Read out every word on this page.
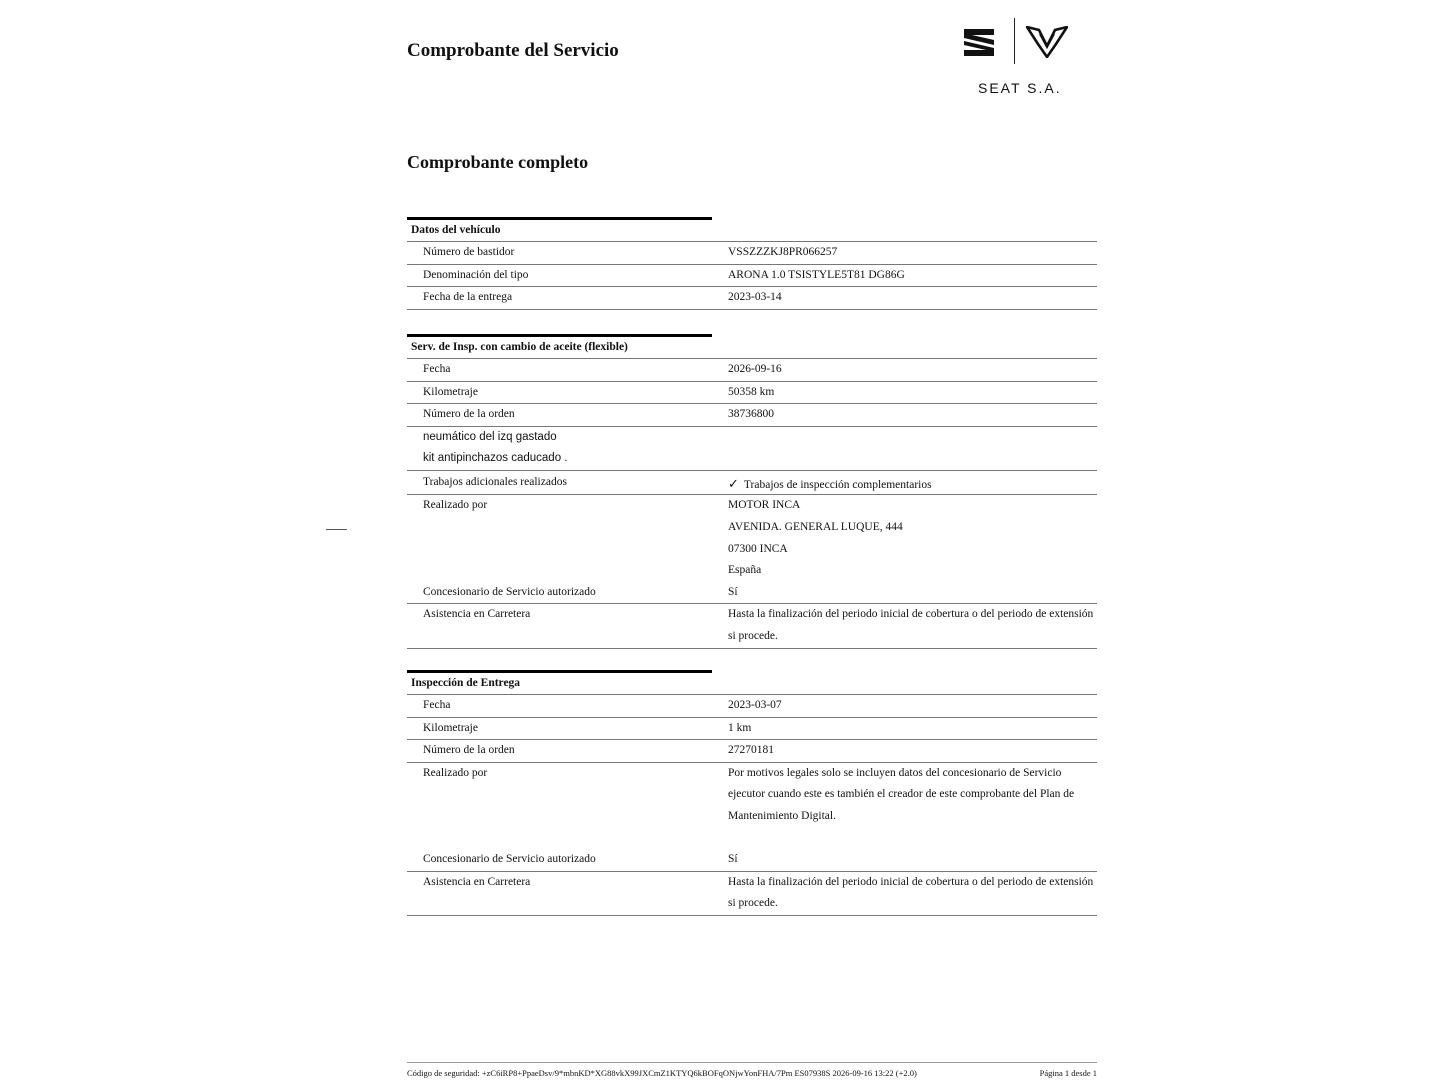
Comprobante del Servicio
SEAT S.A.
Comprobante completo
Datos del vehículo
Número de bastidor	VSSZZZKJ8PR066257
Denominación del tipo	ARONA 1.0 TSISTYLE5T81 DG86G
Fecha de la entrega	2023-03-14
Serv. de Insp. con cambio de aceite (flexible)
Fecha	2026-09-16
Kilometraje	50358 km
Número de la orden	38736800
neumático del izq gastado
kit antipinchazos caducado .
Trabajos adicionales realizados	✓ Trabajos de inspección complementarios
Realizado por	MOTOR INCA
AVENIDA. GENERAL LUQUE, 444
07300 INCA
España
Concesionario de Servicio autorizado	Sí
Asistencia en Carretera	Hasta la finalización del periodo inicial de cobertura o del periodo de extensión
si procede.
Inspección de Entrega
Fecha	2023-03-07
Kilometraje	1 km
Número de la orden	27270181
Realizado por	Por motivos legales solo se incluyen datos del concesionario de Servicio
ejecutor cuando este es también el creador de este comprobante del Plan de
Mantenimiento Digital.
Concesionario de Servicio autorizado	Sí
Asistencia en Carretera	Hasta la finalización del periodo inicial de cobertura o del periodo de extensión
si procede.
Código de seguridad: +zC6iRP8+PpaeDsv/9*mbnKD*XG88vkX99JXCmZ1KTYQ6kBOFqONjwYonFHA/7Pm ES07938S 2026-09-16 13:22 (+2.0)	Página 1 desde 1
